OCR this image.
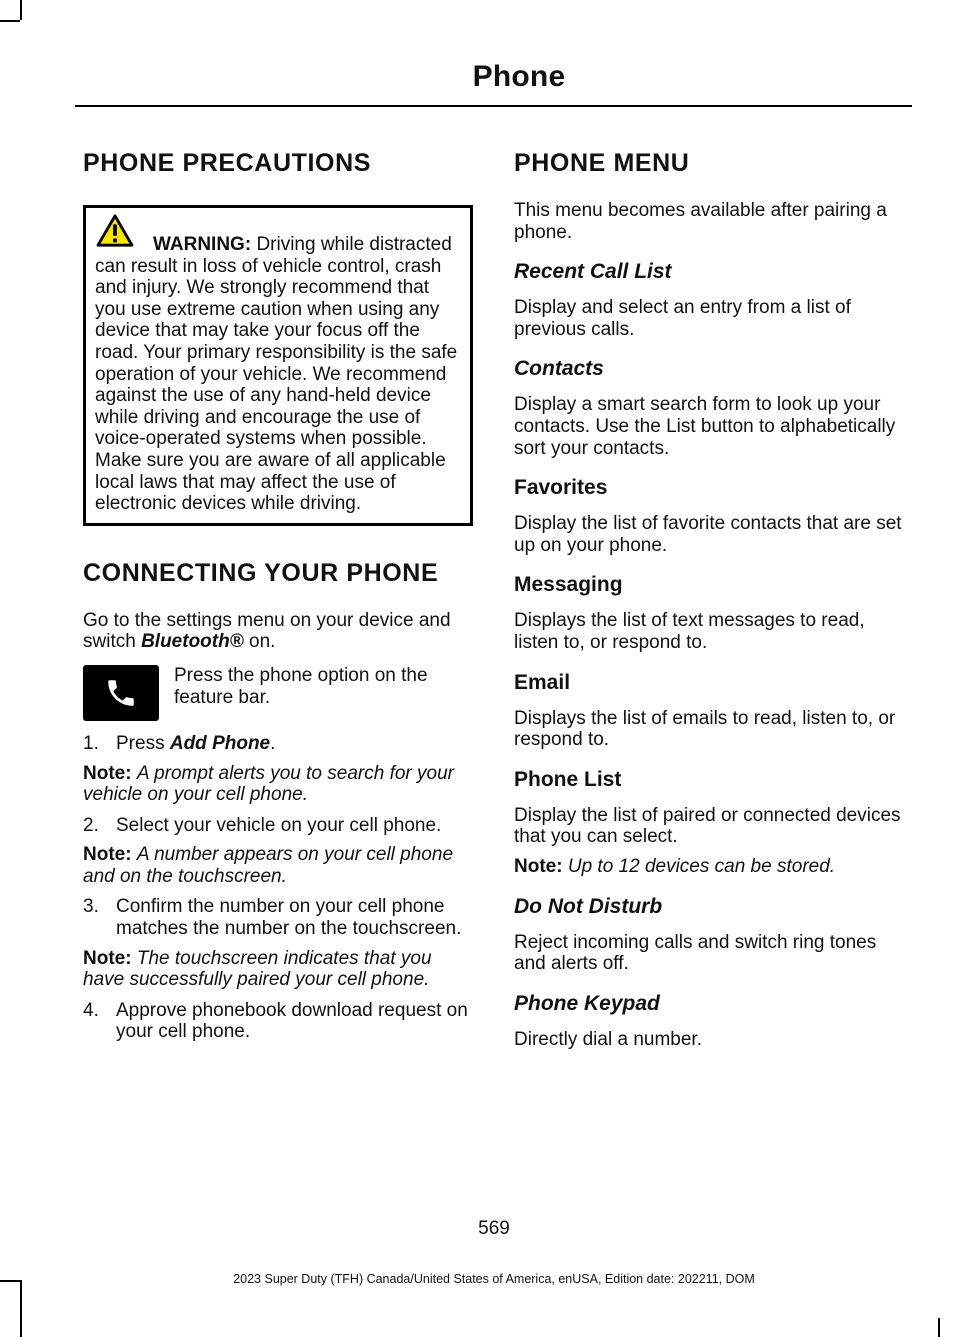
Phone
PHONE PRECAUTIONS

WARNING: Driving while distracted can result in loss of vehicle control, crash and injury. We strongly recommend that you use extreme caution when using any device that may take your focus off the road. Your primary responsibility is the safe operation of your vehicle. We recommend against the use of any hand-held device while driving and encourage the use of voice-operated systems when possible. Make sure you are aware of all applicable local laws that may affect the use of electronic devices while driving.

CONNECTING YOUR PHONE

Go to the settings menu on your device and switch Bluetooth® on.

Press the phone option on the feature bar.

1. Press Add Phone.

Note: A prompt alerts you to search for your vehicle on your cell phone.

2. Select your vehicle on your cell phone.

Note: A number appears on your cell phone and on the touchscreen.

3. Confirm the number on your cell phone matches the number on the touchscreen.

Note: The touchscreen indicates that you have successfully paired your cell phone.

4. Approve phonebook download request on your cell phone.
PHONE MENU

This menu becomes available after pairing a phone.

Recent Call List

Display and select an entry from a list of previous calls.

Contacts

Display a smart search form to look up your contacts. Use the List button to alphabetically sort your contacts.

Favorites

Display the list of favorite contacts that are set up on your phone.

Messaging

Displays the list of text messages to read, listen to, or respond to.

Email

Displays the list of emails to read, listen to, or respond to.

Phone List

Display the list of paired or connected devices that you can select.

Note: Up to 12 devices can be stored.

Do Not Disturb

Reject incoming calls and switch ring tones and alerts off.

Phone Keypad

Directly dial a number.

569
2023 Super Duty (TFH) Canada/United States of America, enUSA, Edition date: 202211, DOM
